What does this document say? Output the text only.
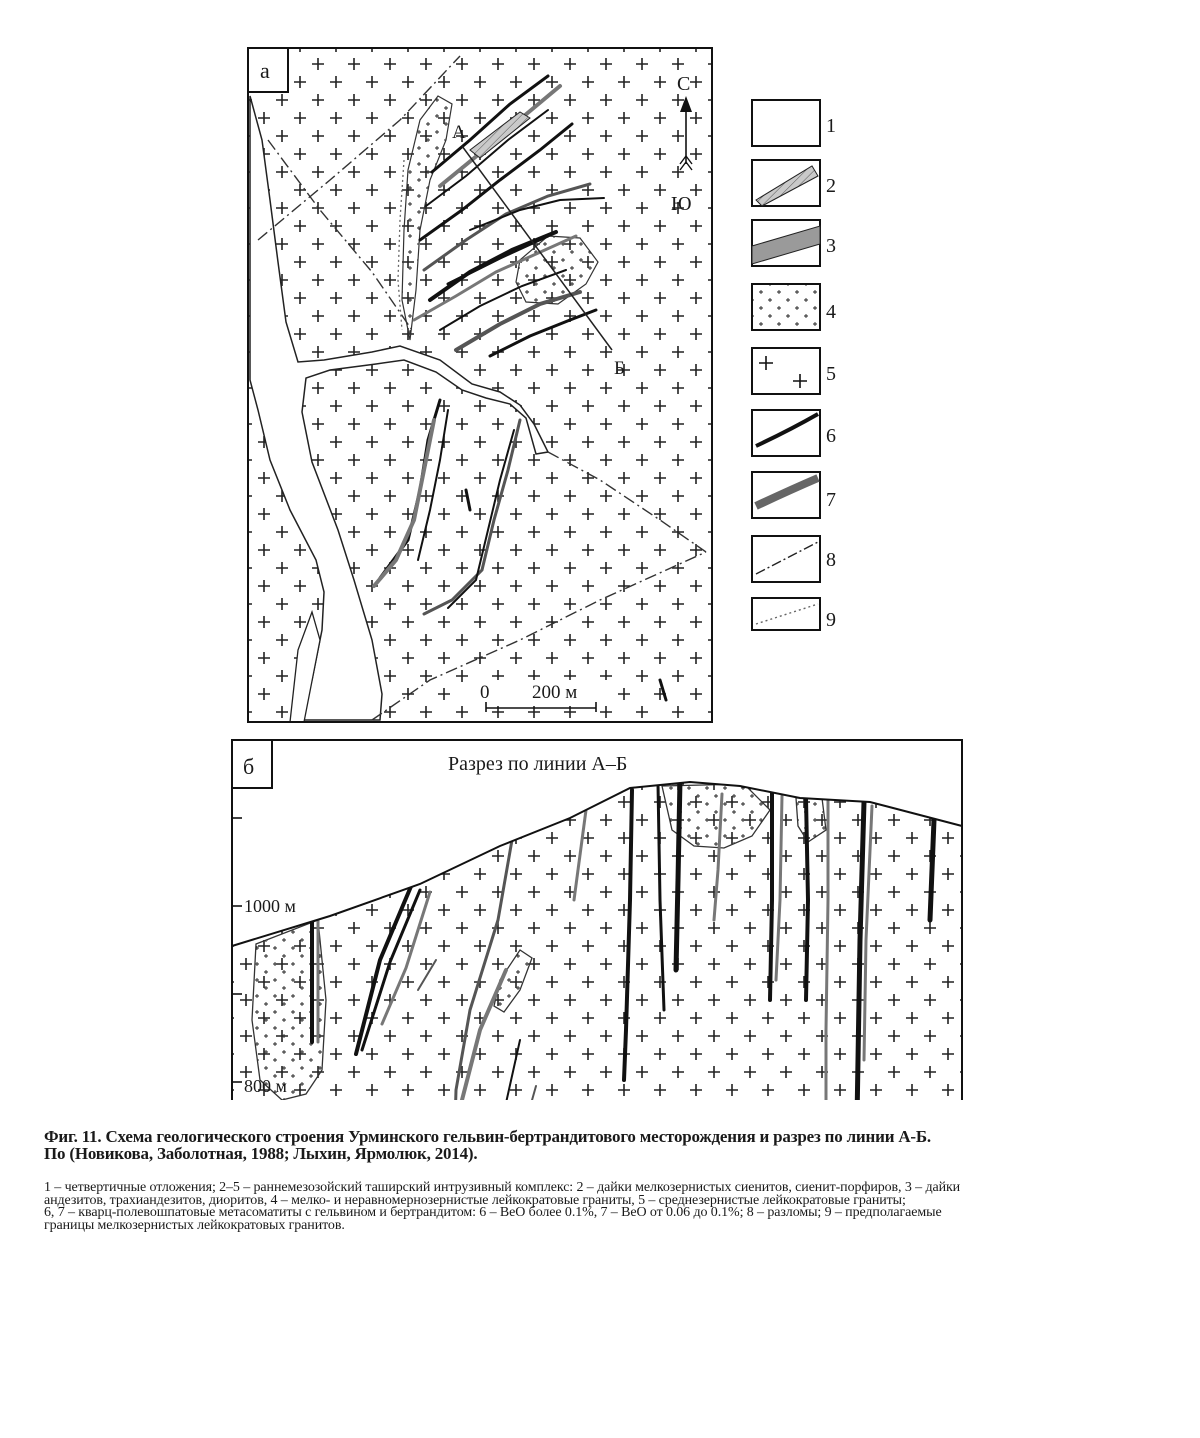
а
С
Ю
А
Б
0 200 м
1
2
3
4
5
6
7
8
9
б	Разрез по линии А–Б
1000 м
800 м
Фиг. 11. Схема геологического строения Урминского гельвин-бертрандитового месторождения и разрез по линии А-Б.
По (Новикова, Заболотная, 1988; Лыхин, Ярмолюк, 2014).
1 – четвертичные отложения; 2–5 – раннемезозойский таширский интрузивный комплекс: 2 – дайки мелкозернистых сиенитов, сиенит-порфиров, 3 – дайки
андезитов, трахиандезитов, диоритов, 4 – мелко- и неравномернозернистые лейкократовые граниты, 5 – среднезернистые лейкократовые граниты;
6, 7 – кварц-полевошпатовые метасоматиты с гельвином и бертрандитом: 6 – BeO более 0.1%, 7 – BeO от 0.06 до 0.1%; 8 – разломы; 9 – предполагаемые
границы мелкозернистых лейкократовых гранитов.
